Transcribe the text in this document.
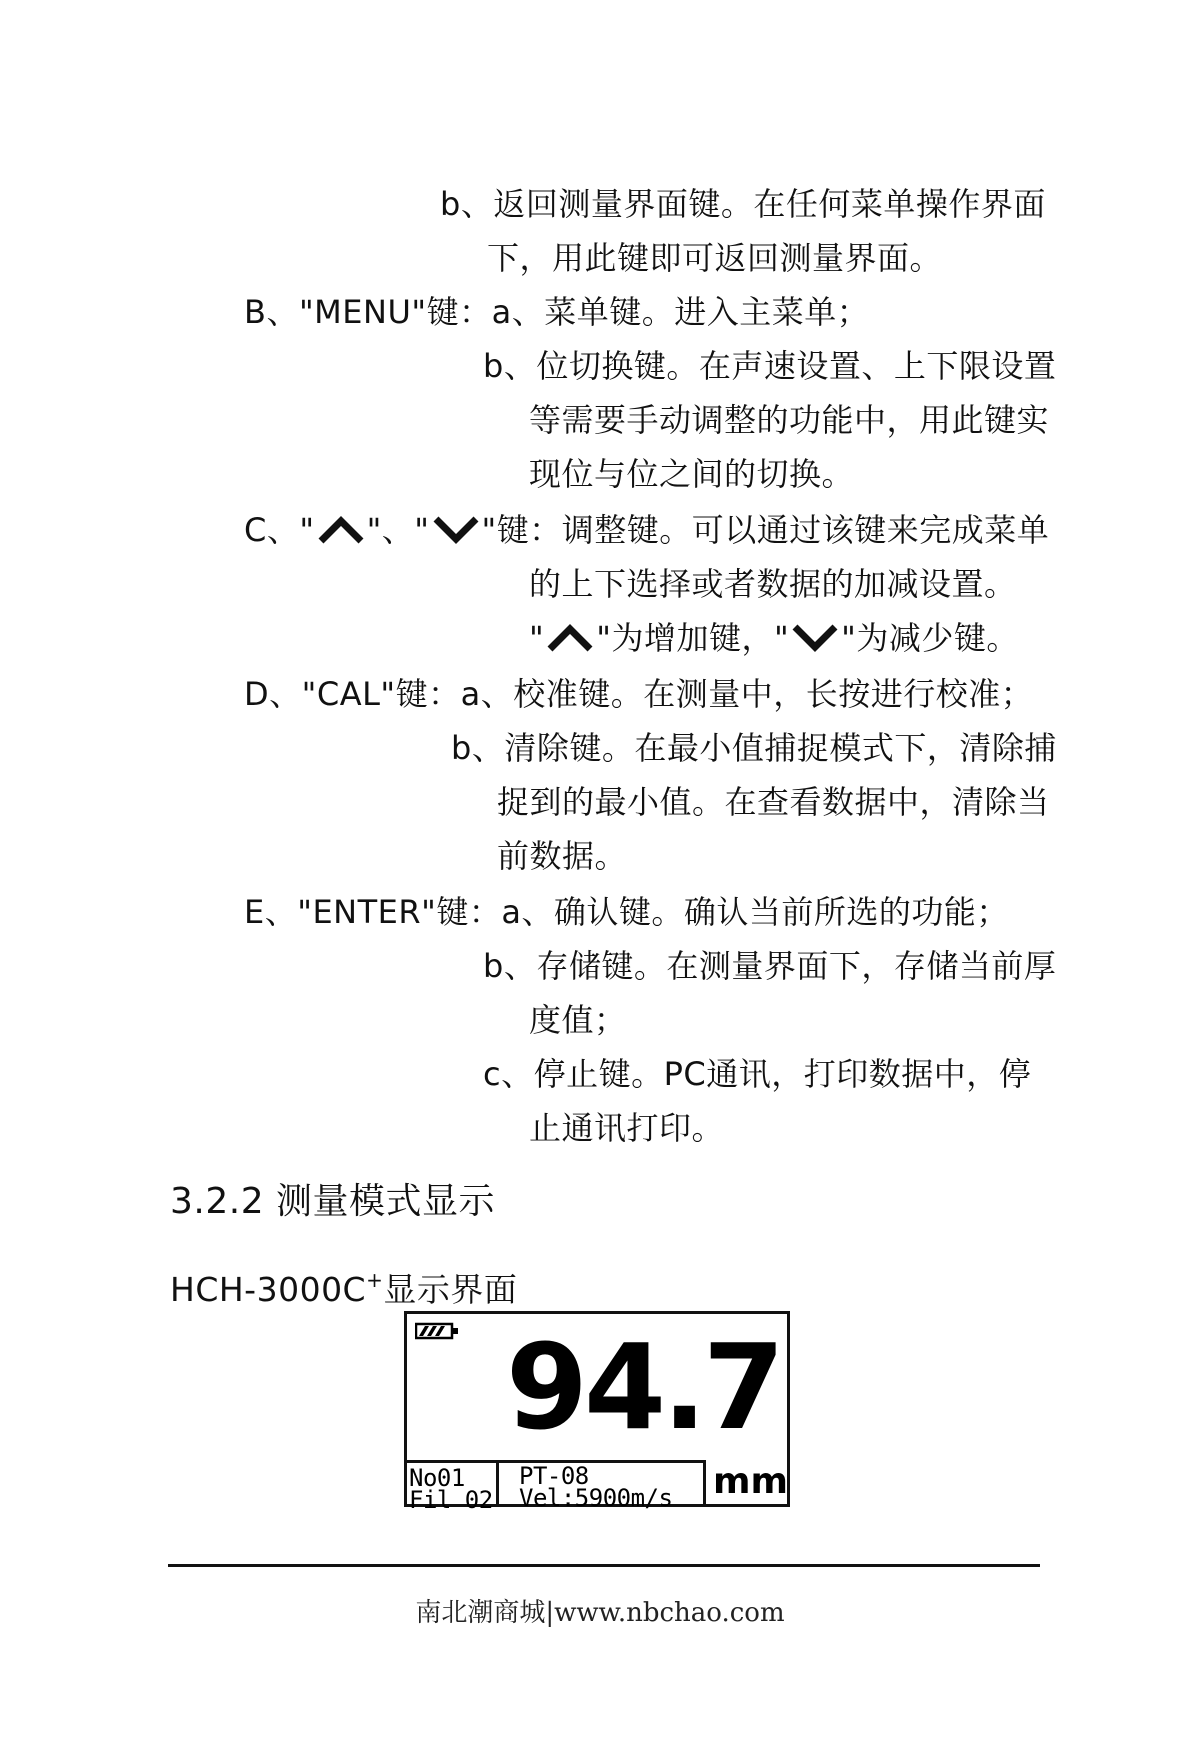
b、返回测量界面键。在任何菜单操作界面
下，用此键即可返回测量界面。
B、"MENU"键：a、菜单键。进入主菜单；
b、位切换键。在声速设置、上下限设置
等需要手动调整的功能中，用此键实
现位与位之间的切换。
C、" "、" "键：调整键。可以通过该键来完成菜单
的上下选择或者数据的加减设置。
" "为增加键，" "为减少键。
D、"CAL"键：a、校准键。在测量中，长按进行校准；
b、清除键。在最小值捕捉模式下，清除捕
捉到的最小值。在查看数据中，清除当
前数据。
E、"ENTER"键：a、确认键。确认当前所选的功能；
b、存储键。在测量界面下，存储当前厚
度值；
c、停止键。PC通讯，打印数据中，停
止通讯打印。
3.2.2 测量模式显示
HCH-3000C+显示界面
94.7
No01
Fil 02
PT-08
Vel:5900m/s mm
南北潮商城|www.nbchao.com
